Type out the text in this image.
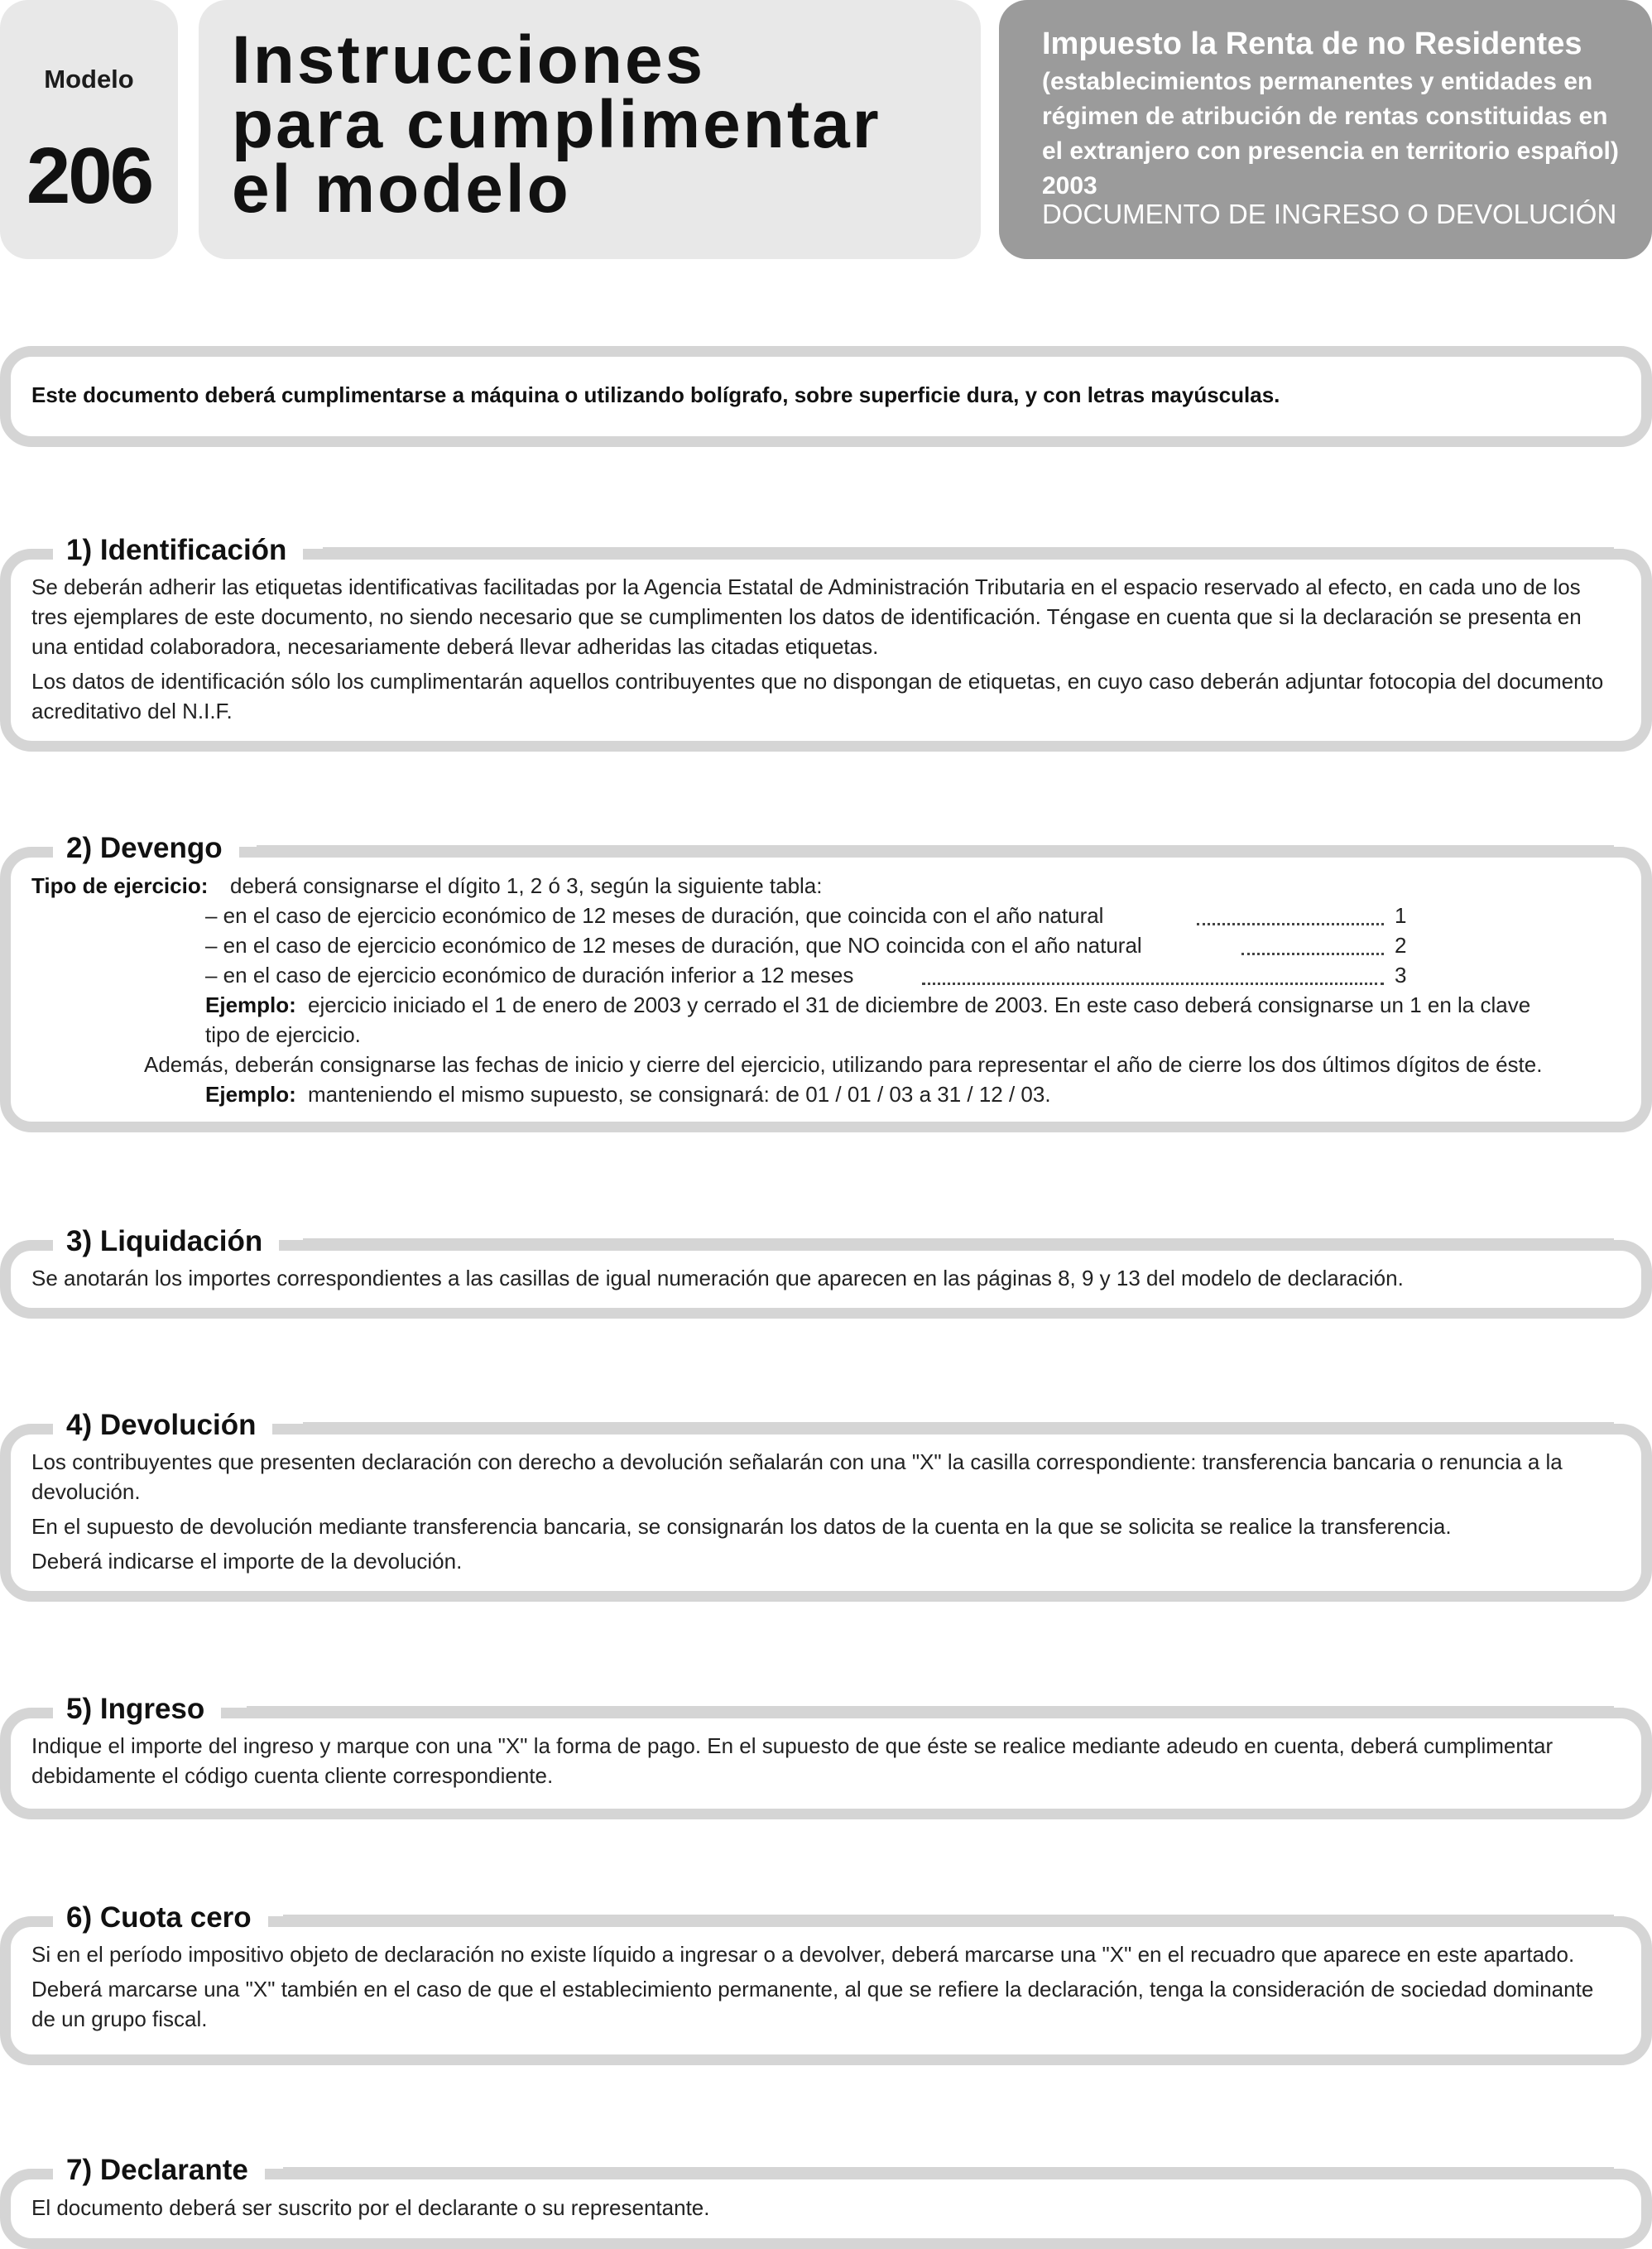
Modelo
206
Instrucciones
para cumplimentar
el modelo
Impuesto la Renta de no Residentes
(establecimientos permanentes y entidades en régimen de atribución de rentas constituidas en el extranjero con presencia en territorio español) 2003
DOCUMENTO DE INGRESO O DEVOLUCIÓN
Este documento deberá cumplimentarse a máquina o utilizando bolígrafo, sobre superficie dura, y con letras mayúsculas.
1) Identificación

Se deberán adherir las etiquetas identificativas facilitadas por la Agencia Estatal de Administración Tributaria en el espacio reservado al efecto, en cada uno de los tres ejemplares de este documento, no siendo necesario que se cumplimenten los datos de identificación. Téngase en cuenta que si la declaración se presenta en una entidad colaboradora, necesariamente deberá llevar adheridas las citadas etiquetas.

Los datos de identificación sólo los cumplimentarán aquellos contribuyentes que no dispongan de etiquetas, en cuyo caso deberán adjuntar fotocopia del documento acreditativo del N.I.F.

2) Devengo
Tipo de ejercicio: deberá consignarse el dígito 1, 2 ó 3, según la siguiente tabla:
– en el caso de ejercicio económico de 12 meses de duración, que coincida con el año natural	1
– en el caso de ejercicio económico de 12 meses de duración, que NO coincida con el año natural	2
– en el caso de ejercicio económico de duración inferior a 12 meses	3
Ejemplo: ejercicio iniciado el 1 de enero de 2003 y cerrado el 31 de diciembre de 2003. En este caso deberá consignarse un 1 en la clave
tipo de ejercicio.
Además, deberán consignarse las fechas de inicio y cierre del ejercicio, utilizando para representar el año de cierre los dos últimos dígitos de éste.
Ejemplo: manteniendo el mismo supuesto, se consignará: de 01 / 01 / 03 a 31 / 12 / 03.
3) Liquidación

Se anotarán los importes correspondientes a las casillas de igual numeración que aparecen en las páginas 8, 9 y 13 del modelo de declaración.

4) Devolución

Los contribuyentes que presenten declaración con derecho a devolución señalarán con una "X" la casilla correspondiente: transferencia bancaria o renuncia a la devolución.

En el supuesto de devolución mediante transferencia bancaria, se consignarán los datos de la cuenta en la que se solicita se realice la transferencia.

Deberá indicarse el importe de la devolución.

5) Ingreso

Indique el importe del ingreso y marque con una "X" la forma de pago. En el supuesto de que éste se realice mediante adeudo en cuenta, deberá cumplimentar debidamente el código cuenta cliente correspondiente.

6) Cuota cero

Si en el período impositivo objeto de declaración no existe líquido a ingresar o a devolver, deberá marcarse una "X" en el recuadro que aparece en este apartado.

Deberá marcarse una "X" también en el caso de que el establecimiento permanente, al que se refiere la declaración, tenga la consideración de sociedad dominante de un grupo fiscal.

7) Declarante

El documento deberá ser suscrito por el declarante o su representante.
